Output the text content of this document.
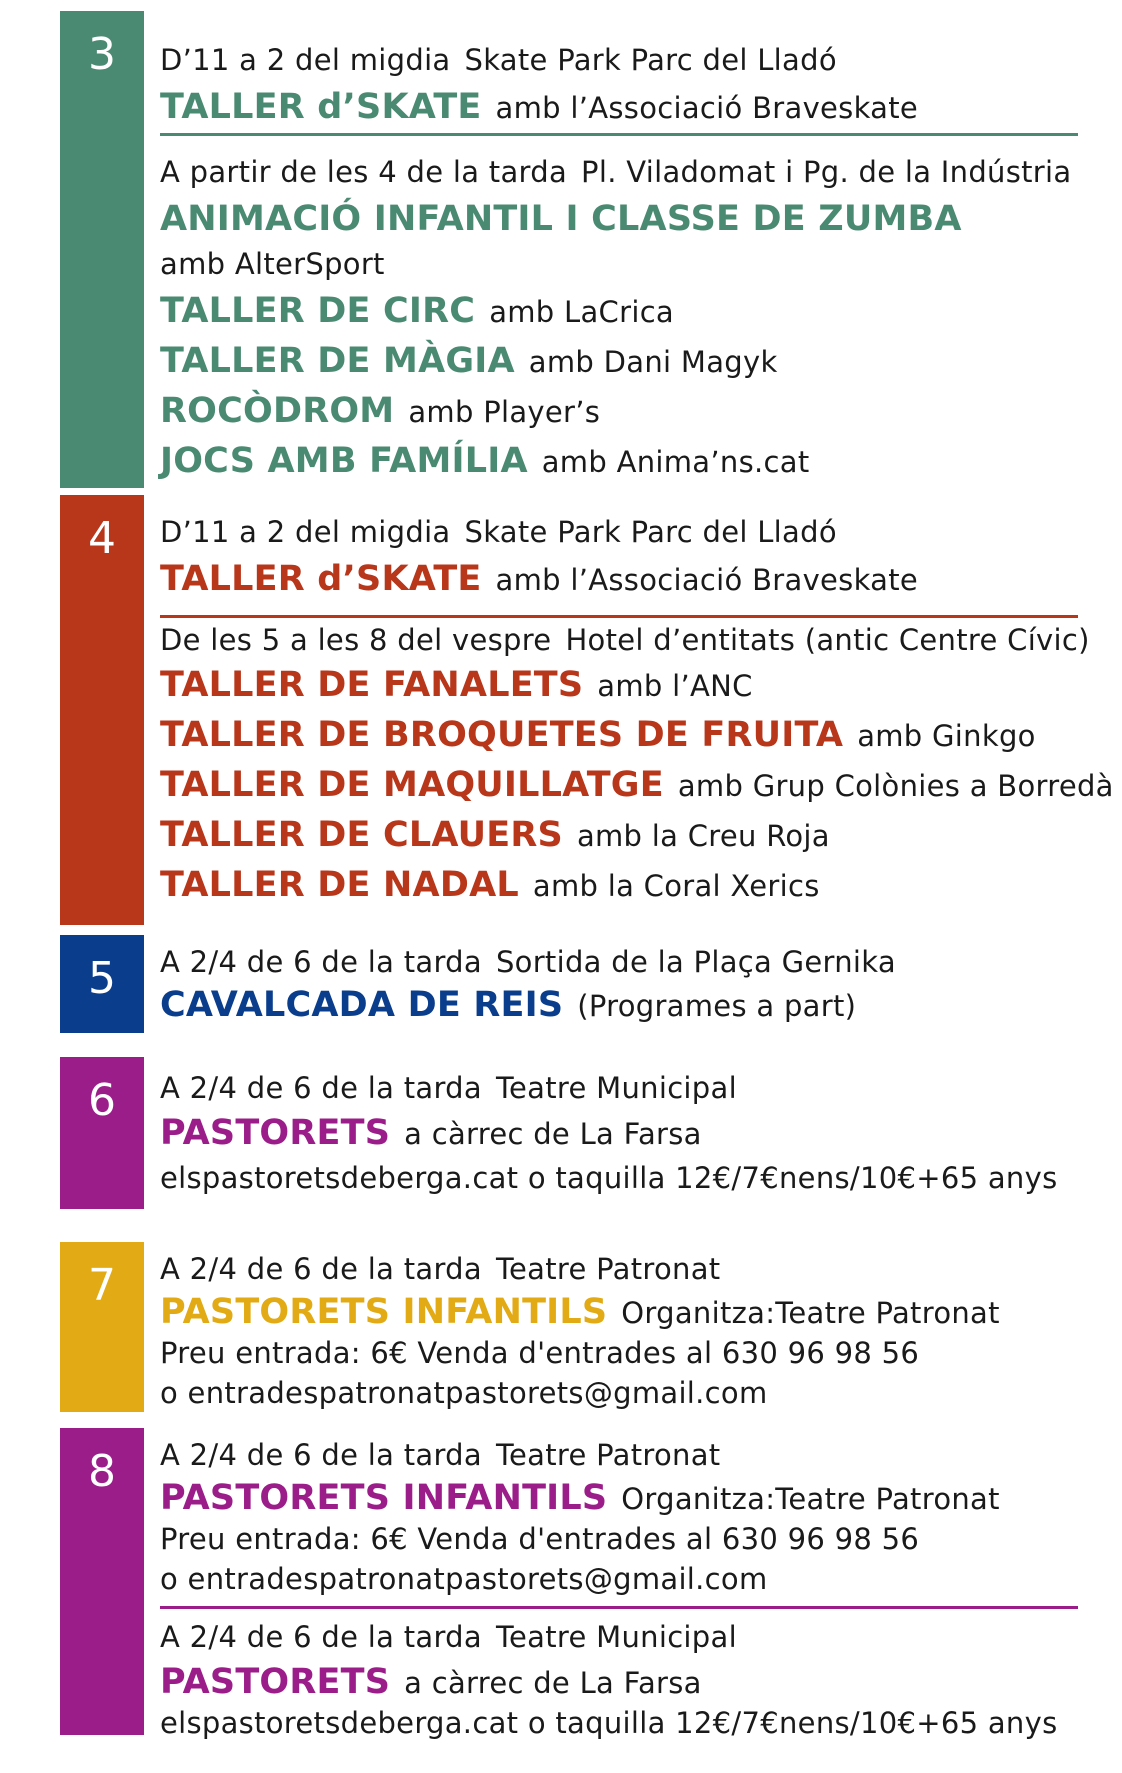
3	D’11 a 2 del migdia Skate Park Parc del Lladó
TALLER d’SKATE amb l’Associació Braveskate
A partir de les 4 de la tarda Pl. Viladomat i Pg. de la Indústria
ANIMACIÓ INFANTIL I CLASSE DE ZUMBA
amb AlterSport
TALLER DE CIRC amb LaCrica
TALLER DE MÀGIA amb Dani Magyk
ROCÒDROM amb Player’s
JOCS AMB FAMÍLIA amb Anima’ns.cat
4	D’11 a 2 del migdia Skate Park Parc del Lladó
TALLER d’SKATE amb l’Associació Braveskate
De les 5 a les 8 del vespre Hotel d’entitats (antic Centre Cívic)
TALLER DE FANALETS amb l’ANC
TALLER DE BROQUETES DE FRUITA amb Ginkgo
TALLER DE MAQUILLATGE amb Grup Colònies a Borredà
TALLER DE CLAUERS amb la Creu Roja
TALLER DE NADAL amb la Coral Xerics
5	A 2/4 de 6 de la tarda Sortida de la Plaça Gernika
CAVALCADA DE REIS (Programes a part)
6	A 2/4 de 6 de la tarda Teatre Municipal
PASTORETS a càrrec de La Farsa
elspastoretsdeberga.cat o taquilla 12€/7€nens/10€+65 anys
7	A 2/4 de 6 de la tarda Teatre Patronat
PASTORETS INFANTILS Organitza:Teatre Patronat
Preu entrada: 6€ Venda d'entrades al 630 96 98 56
o entradespatronatpastorets@gmail.com
8	A 2/4 de 6 de la tarda Teatre Patronat
PASTORETS INFANTILS Organitza:Teatre Patronat
Preu entrada: 6€ Venda d'entrades al 630 96 98 56
o entradespatronatpastorets@gmail.com
A 2/4 de 6 de la tarda Teatre Municipal
PASTORETS a càrrec de La Farsa
elspastoretsdeberga.cat o taquilla 12€/7€nens/10€+65 anys
